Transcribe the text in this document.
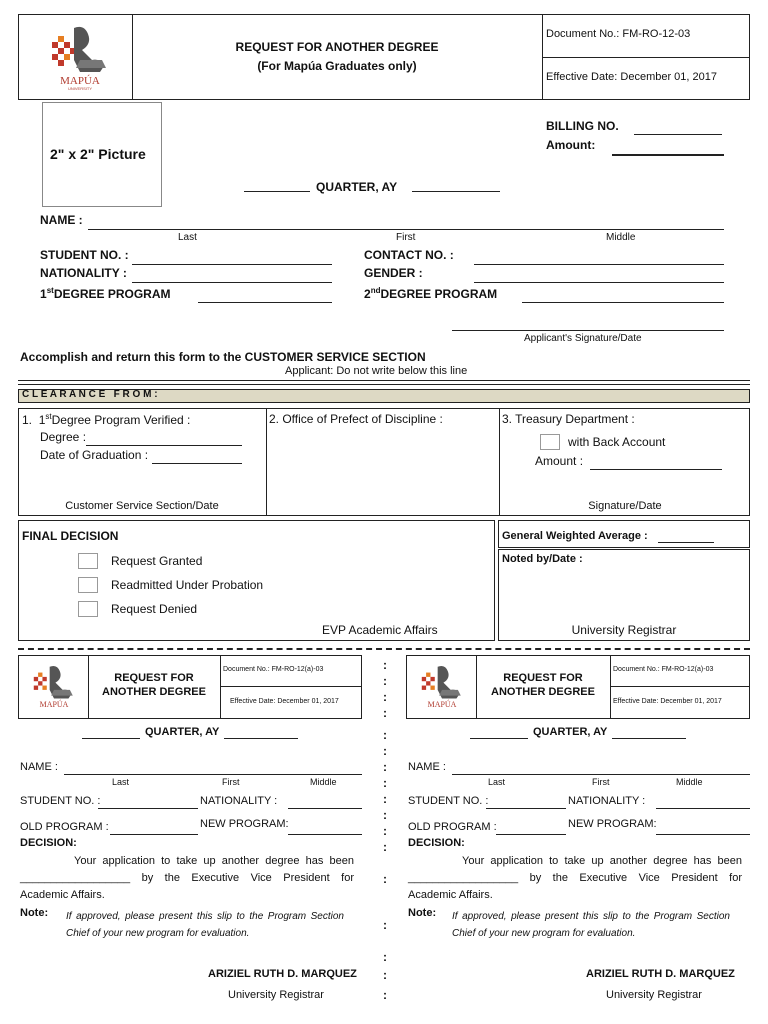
MAPÚA
UNIVERSITY
REQUEST FOR ANOTHER DEGREE
(For Mapúa Graduates only)
Document No.: FM-RO-12-03
Effective Date: December 01, 2017
2" x 2" Picture
BILLING NO.
Amount:
QUARTER, AY
NAME :
Last	First	Middle
STUDENT NO. :	CONTACT NO. :
NATIONALITY :	GENDER :
1stDEGREE PROGRAM	2ndDEGREE PROGRAM
Applicant's Signature/Date
Accomplish and return this form to the CUSTOMER SERVICE SECTION
Applicant: Do not write below this line
C L E A R A N C E   F R O M :
1. 1stDegree Program Verified :
Degree :
Date of Graduation :
Customer Service Section/Date
2. Office of Prefect of Discipline :	3. Treasury Department :
with Back Account
Amount :
Signature/Date
FINAL DECISION
Request Granted
Readmitted Under Probation
Request Denied
EVP Academic Affairs
General Weighted Average :
Noted by/Date :
University Registrar
:
:
:
:
:
:
:
:
:
:
:
:
:
:
:
:
:
MAPÚA
REQUEST FOR
ANOTHER DEGREE
Document No.: FM-RO-12(a)-03
Effective Date: December 01, 2017
QUARTER, AY
NAME :
Last	First	Middle
STUDENT NO. :	NATIONALITY :
OLD PROGRAM :	NEW PROGRAM:
DECISION:
Your application to take up another degree has been __________________ by the Executive Vice President for Academic Affairs.
Note: If approved, please present this slip to the Program Section Chief of your new program for evaluation.
ARIZIEL RUTH D. MARQUEZ
University Registrar
MAPÚA
REQUEST FOR
ANOTHER DEGREE
Document No.: FM-RO-12(a)-03
Effective Date: December 01, 2017
QUARTER, AY
NAME :
Last	First	Middle
STUDENT NO. :	NATIONALITY :
OLD PROGRAM :	NEW PROGRAM:
DECISION:
Your application to take up another degree has been __________________ by the Executive Vice President for Academic Affairs.
Note: If approved, please present this slip to the Program Section Chief of your new program for evaluation.
ARIZIEL RUTH D. MARQUEZ
University Registrar
